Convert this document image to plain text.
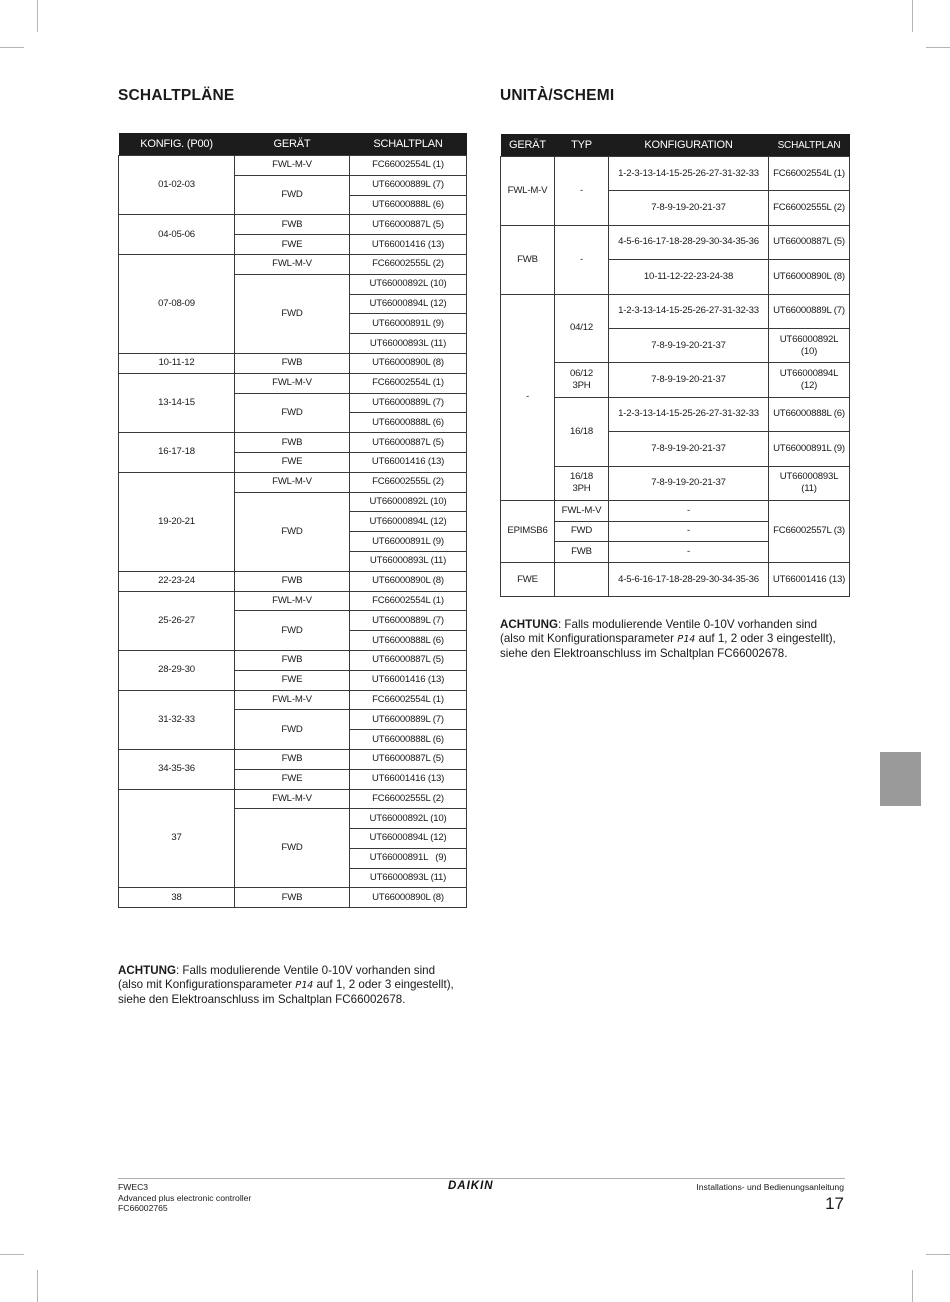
SCHALTPLÄNE	UNITÀ/SCHEMI
KONFIG. (P00)	GERÄT	SCHALTPLAN
01-02-03	FWL-M-V	FC66002554L (1)
	FWD	UT66000889L (7)
		UT66000888L (6)
04-05-06	FWB	UT66000887L (5)
	FWE	UT66001416 (13)
07-08-09	FWL-M-V	FC66002555L (2)
	FWD	UT66000892L (10)
		UT66000894L (12)
		UT66000891L (9)
		UT66000893L (11)
10-11-12	FWB	UT66000890L (8)
13-14-15	FWL-M-V	FC66002554L (1)
	FWD	UT66000889L (7)
		UT66000888L (6)
16-17-18	FWB	UT66000887L (5)
	FWE	UT66001416 (13)
19-20-21	FWL-M-V	FC66002555L (2)
	FWD	UT66000892L (10)
		UT66000894L (12)
		UT66000891L (9)
		UT66000893L (11)
22-23-24	FWB	UT66000890L (8)
25-26-27	FWL-M-V	FC66002554L (1)
	FWD	UT66000889L (7)
		UT66000888L (6)
28-29-30	FWB	UT66000887L (5)
	FWE	UT66001416 (13)
31-32-33	FWL-M-V	FC66002554L (1)
	FWD	UT66000889L (7)
		UT66000888L (6)
34-35-36	FWB	UT66000887L (5)
	FWE	UT66001416 (13)
37	FWL-M-V	FC66002555L (2)
	FWD	UT66000892L (10)
		UT66000894L (12)
		UT66000891L   (9)
		UT66000893L (11)
38	FWB	UT66000890L (8)
GERÄT	TYP	KONFIGURATION	SCHALTPLAN
FWL-M-V	-	1-2-3-13-14-15-25-26-27-31-32-33	FC66002554L (1)
		7-8-9-19-20-21-37	FC66002555L (2)
FWB	-	4-5-6-16-17-18-28-29-30-34-35-36	UT66000887L (5)
		10-11-12-22-23-24-38	UT66000890L (8)
-	04/12	1-2-3-13-14-15-25-26-27-31-32-33	UT66000889L (7)
		7-8-9-19-20-21-37	UT66000892L (10)
	06/12 3PH	7-8-9-19-20-21-37	UT66000894L (12)
	16/18	1-2-3-13-14-15-25-26-27-31-32-33	UT66000888L (6)
		7-8-9-19-20-21-37	UT66000891L (9)
	16/18 3PH	7-8-9-19-20-21-37	UT66000893L (11)
EPIMSB6	FWL-M-V	-	FC66002557L (3)
	FWD	-	
	FWB	-	
FWE		4-5-6-16-17-18-28-29-30-34-35-36	UT66001416 (13)

ACHTUNG: Falls modulierende Ventile 0-10V vorhanden sind
(also mit Konfigurationsparameter P14 auf 1, 2 oder 3 eingestellt),
siehe den Elektroanschluss im Schaltplan FC66002678.

ACHTUNG: Falls modulierende Ventile 0-10V vorhanden sind
(also mit Konfigurationsparameter P14 auf 1, 2 oder 3 eingestellt),
siehe den Elektroanschluss im Schaltplan FC66002678.

FWEC3
Advanced plus electronic controller
FC66002765
DAIKIN	Installations- und Bedienungsanleitung
17
